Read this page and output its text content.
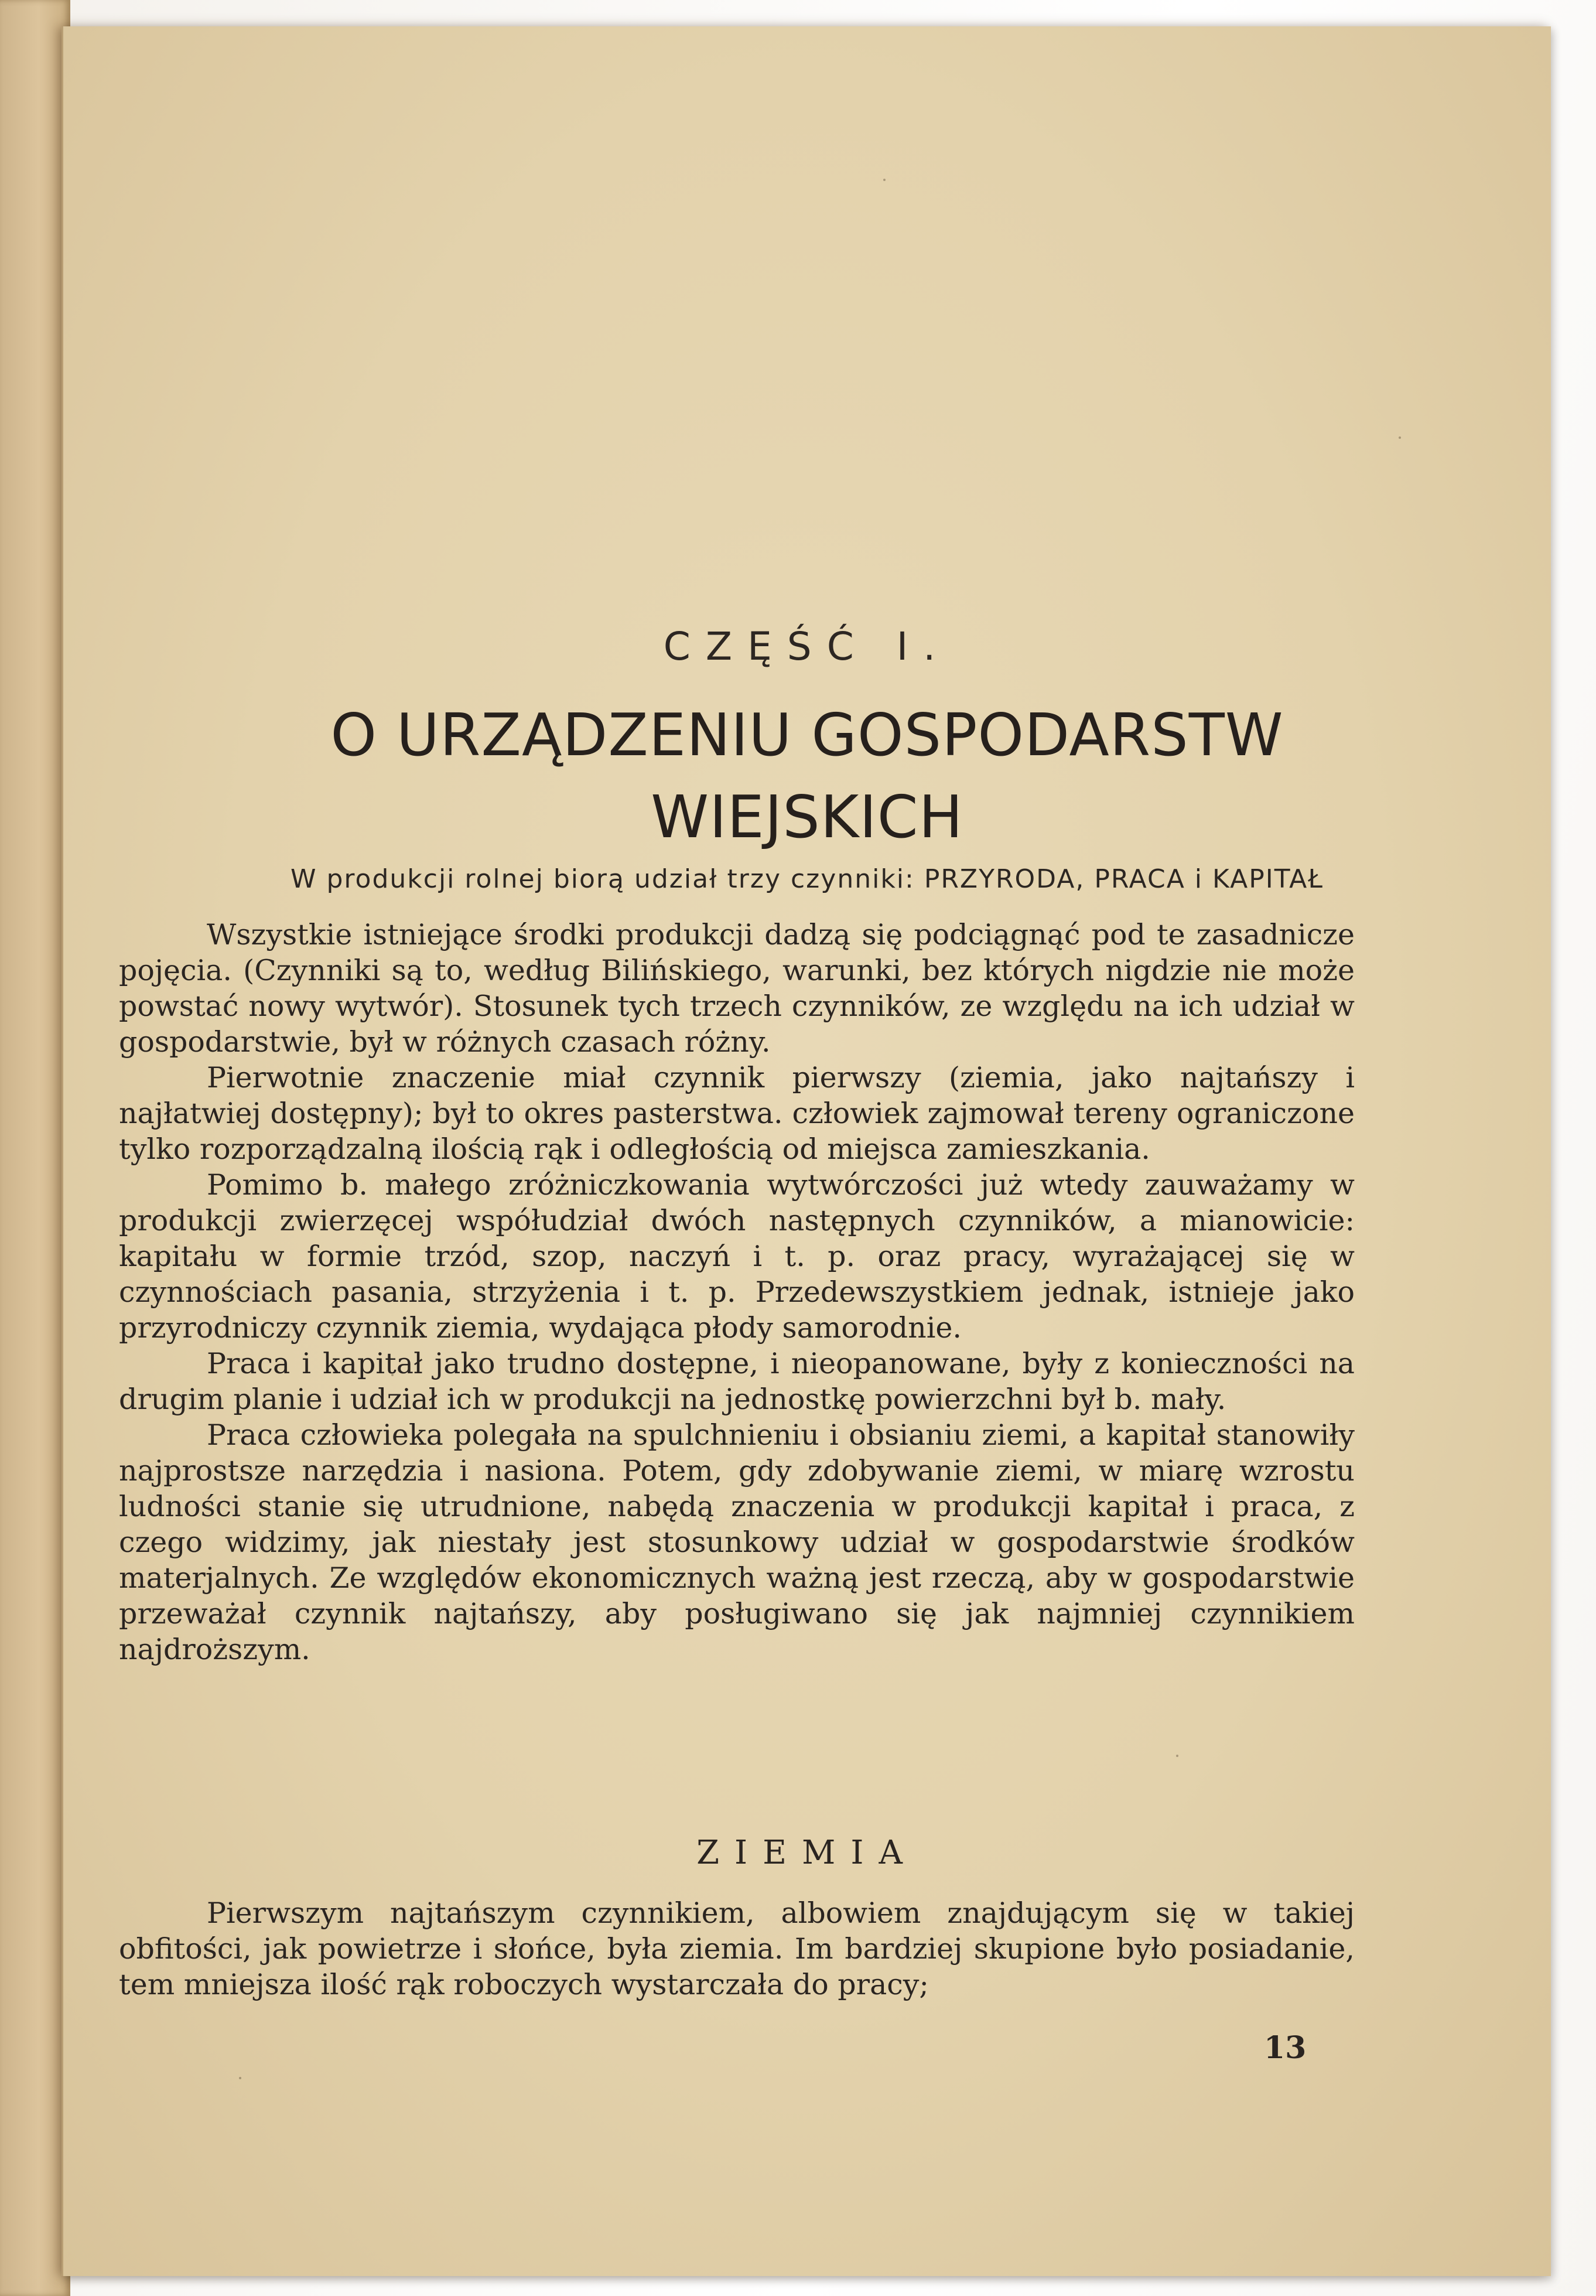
CZĘŚĆ I.
O URZĄDZENIU GOSPODARSTW
WIEJSKICH
W produkcji rolnej biorą udział trzy czynniki: PRZYRODA, PRACA i KAPITAŁ

Wszystkie istniejące środki produkcji dadzą się podciągnąć pod te zasadnicze pojęcia. (Czynniki są to, według Bilińskiego, warunki, bez których nigdzie nie może powstać nowy wytwór). Stosunek tych trzech czynników, ze względu na ich udział w gospodarstwie, był w różnych czasach różny.

Pierwotnie znaczenie miał czynnik pierwszy (ziemia, jako najtańszy i najłatwiej dostępny); był to okres pasterstwa. człowiek zajmował tereny ograniczone tylko rozporządzalną ilością rąk i odległością od miejsca zamieszkania.

Pomimo b. małego zróżniczkowania wytwórczości już wtedy zauważamy w produkcji zwierzęcej współudział dwóch następnych czynników, a mianowicie: kapitału w formie trzód, szop, naczyń i t. p. oraz pracy, wyrażającej się w czynnościach pasania, strzyżenia i t. p. Przedewszystkiem jednak, istnieje jako przyrodniczy czynnik ziemia, wydająca płody samorodnie.

Praca i kapitał jako trudno dostępne, i nieopanowane, były z konieczności na drugim planie i udział ich w produkcji na jednostkę powierzchni był b. mały.

Praca człowieka polegała na spulchnieniu i obsianiu ziemi, a kapitał stanowiły najprostsze narzędzia i nasiona. Potem, gdy zdobywanie ziemi, w miarę wzrostu ludności stanie się utrudnione, nabędą znaczenia w produkcji kapitał i praca, z czego widzimy, jak niestały jest stosunkowy udział w gospodarstwie środków materjalnych. Ze względów ekonomicznych ważną jest rzeczą, aby w gospodarstwie przeważał czynnik najtańszy, aby posługiwano się jak najmniej czynnikiem najdroższym.

ZIEMIA

Pierwszym najtańszym czynnikiem, albowiem znajdującym się w takiej obfitości, jak powietrze i słońce, była ziemia. Im bardziej skupione było posiadanie, tem mniejsza ilość rąk roboczych wystarczała do pracy;

13
